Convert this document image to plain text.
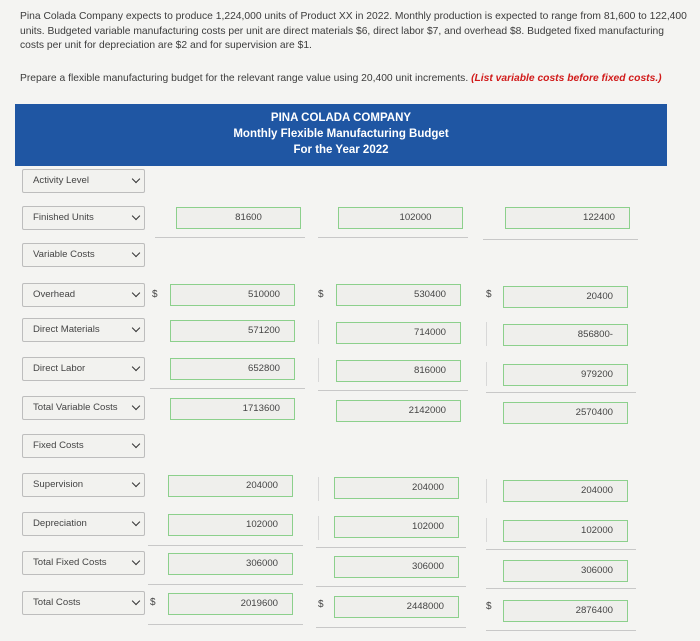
Pina Colada Company expects to produce 1,224,000 units of Product XX in 2022. Monthly production is expected to range from 81,600 to 122,400 units. Budgeted variable manufacturing costs per unit are direct materials $6, direct labor $7, and overhead $8. Budgeted fixed manufacturing costs per unit for depreciation are $2 and for supervision are $1.

Prepare a flexible manufacturing budget for the relevant range value using 20,400 unit increments. (List variable costs before fixed costs.)
PINA COLADA COMPANY
Monthly Flexible Manufacturing Budget
For the Year 2022
Activity Level
Finished Units	81600	102000	122400
Variable Costs
Overhead	$	510000	$	530400	$	20400
Direct Materials	571200	714000	856800-
Direct Labor	652800	816000	979200
Total Variable Costs	1713600	2142000	2570400
Fixed Costs
Supervision	204000	204000	204000
Depreciation	102000	102000	102000
Total Fixed Costs	306000	306000	306000
Total Costs	$	2019600	$	2448000	$	2876400
